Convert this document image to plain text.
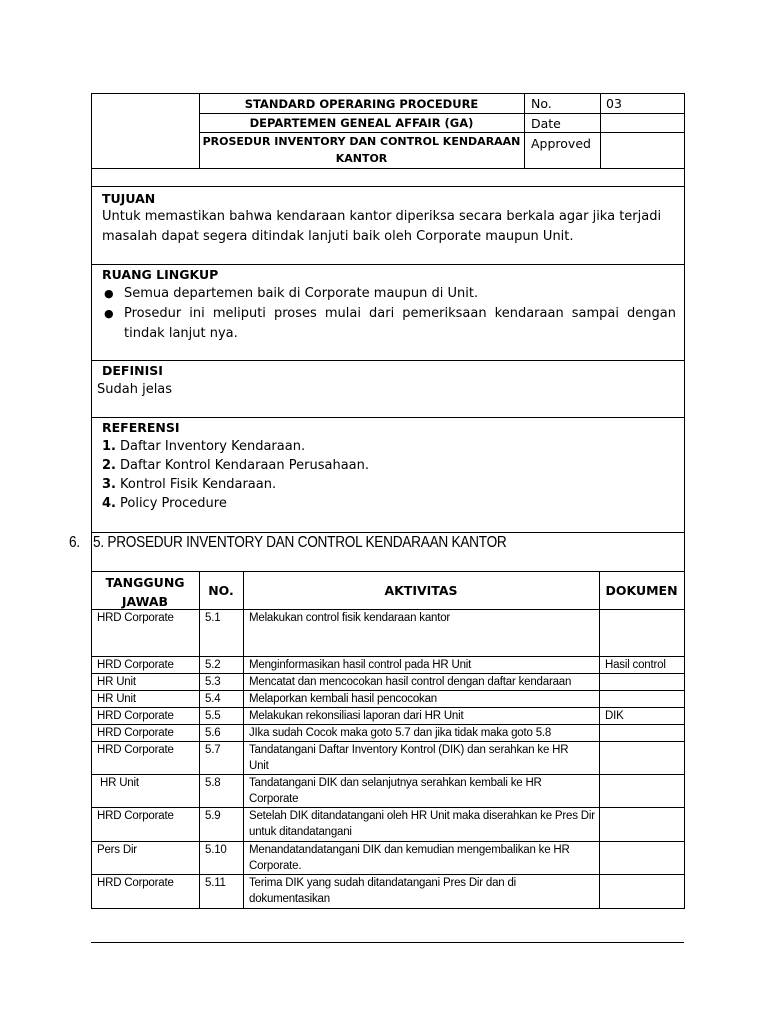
STANDARD OPERARING PROCEDURE
DEPARTEMEN GENEAL AFFAIR (GA)
PROSEDUR INVENTORY DAN CONTROL KENDARAAN
KANTOR
No.	03
Date
Approved
TUJUAN
Untuk memastikan bahwa kendaraan kantor diperiksa secara berkala agar jika terjadi
masalah dapat segera ditindak lanjuti baik oleh Corporate maupun Unit.
RUANG LINGKUP
● Semua departemen baik di Corporate maupun di Unit.
● Prosedur ini meliputi proses mulai dari pemeriksaan kendaraan sampai dengan tindak lanjut nya.
DEFINISI
Sudah jelas
REFERENSI
1. Daftar Inventory Kendaraan.
2. Daftar Kontrol Kendaraan Perusahaan.
3. Kontrol Fisik Kendaraan.
4. Policy Procedure
6. 5. PROSEDUR INVENTORY DAN CONTROL KENDARAAN KANTOR
TANGGUNG
JAWAB
NO.	AKTIVITAS	DOKUMEN
HRD Corporate	5.1 Melakukan control fisik kendaraan kantor
HRD Corporate	5.2 Menginformasikan hasil control pada HR Unit	Hasil control
HR Unit	5.3 Mencatat dan mencocokan hasil control dengan daftar kendaraan
HR Unit	5.4 Melaporkan kembali hasil pencocokan
HRD Corporate	5.5 Melakukan rekonsiliasi laporan dari HR Unit	DIK
HRD Corporate	5.6 JIka sudah Cocok maka goto 5.7 dan jika tidak maka goto 5.8
HRD Corporate	5.7 Tandatangani Daftar Inventory Kontrol (DIK) dan serahkan ke HR Unit
HR Unit	5.8 Tandatangani DIK dan selanjutnya serahkan kembali ke HR Corporate
HRD Corporate	5.9 Setelah DIK ditandatangani oleh HR Unit maka diserahkan ke Pres Dir untuk ditandatangani
Pers Dir	5.10 Menandatandatangani DIK dan kemudian mengembalikan ke HR Corporate.
HRD Corporate	5.11 Terima DIK yang sudah ditandatangani Pres Dir dan di dokumentasikan
